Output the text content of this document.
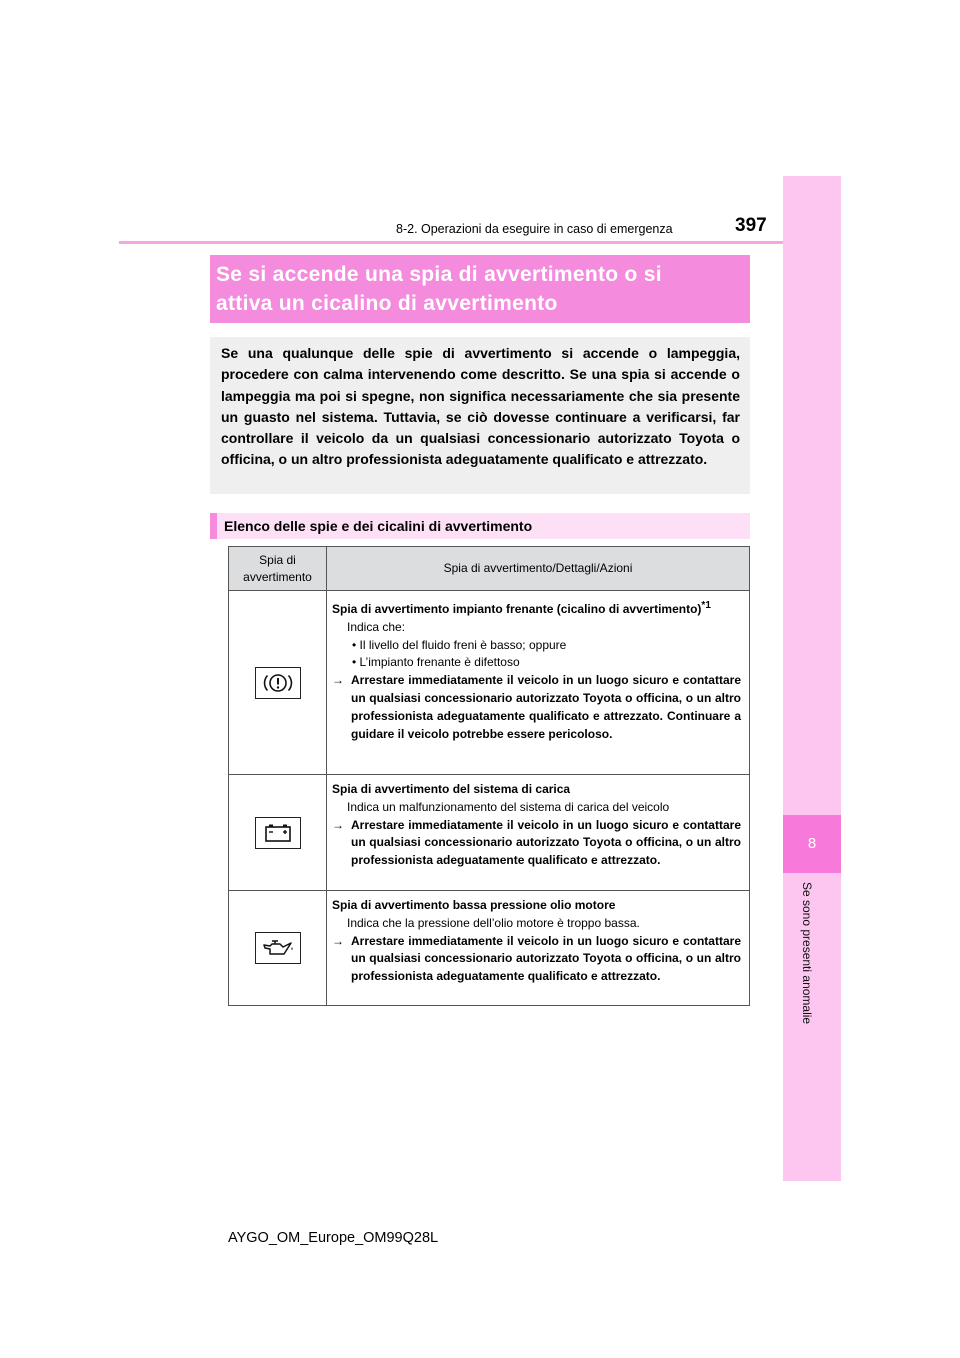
8
Se sono presenti anomalie
397
8-2. Operazioni da eseguire in caso di emergenza
Se si accende una spia di avvertimento o si
attiva un cicalino di avvertimento

Se una qualunque delle spie di avvertimento si accende o lampeggia, procedere con calma intervenendo come descritto. Se una spia si accende o lampeggia ma poi si spegne, non significa necessariamente che sia presente un guasto nel sistema. Tuttavia, se ciò dovesse continuare a verificarsi, far controllare il veicolo da un qualsiasi concessionario autorizzato Toyota o officina, o un altro professionista adeguatamente qualificato e attrezzato.

Elenco delle spie e dei cicalini di avvertimento
Spia di
avvertimento	Spia di avvertimento/Dettagli/Azioni

Spia di avvertimento impianto frenante (cicalino di avvertimento)$^{*1}$
Indica che:
• Il livello del fluido freni è basso; oppure
• L’impianto frenante è difettoso
→ Arrestare immediatamente il veicolo in un luogo sicuro e contattare un qualsiasi concessionario autorizzato Toyota o officina, o un altro professionista adeguatamente qualificato e attrezzato. Continuare a guidare il veicolo potrebbe essere pericoloso.

Spia di avvertimento del sistema di carica
Indica un malfunzionamento del sistema di carica del veicolo
→ Arrestare immediatamente il veicolo in un luogo sicuro e contattare un qualsiasi concessionario autorizzato Toyota o officina, o un altro professionista adeguatamente qualificato e attrezzato.

Spia di avvertimento bassa pressione olio motore
Indica che la pressione dell’olio motore è troppo bassa.
→ Arrestare immediatamente il veicolo in un luogo sicuro e contattare un qualsiasi concessionario autorizzato Toyota o officina, o un altro professionista adeguatamente qualificato e attrezzato.
AYGO_OM_Europe_OM99Q28L
